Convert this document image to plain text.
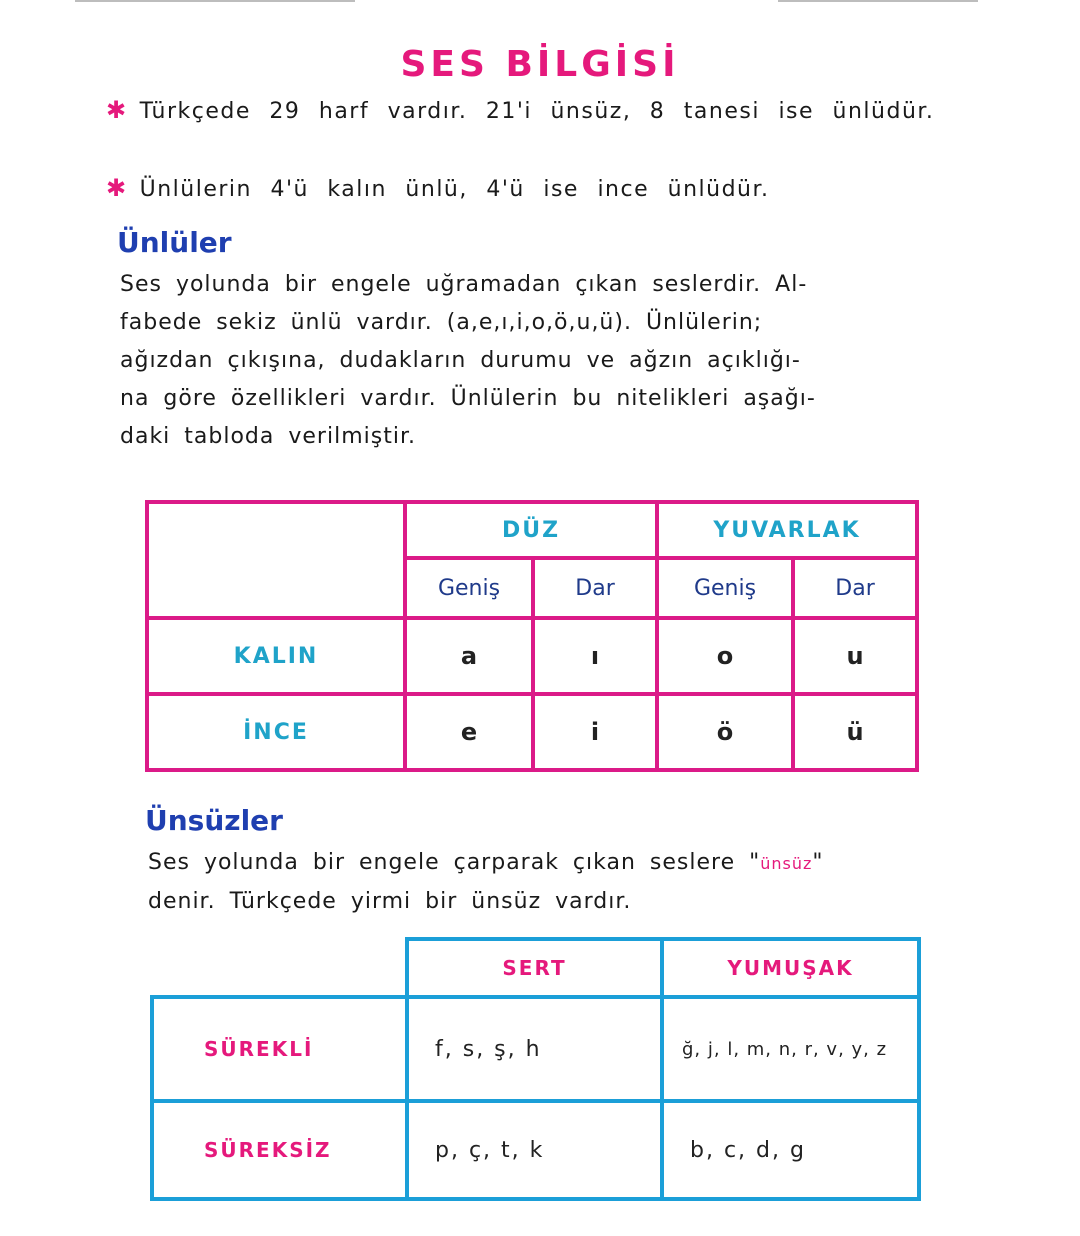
SES BİLGİSİ
✱ Türkçede 29 harf vardır. 21'i ünsüz, 8 tanesi ise ünlüdür.
✱ Ünlülerin 4'ü kalın ünlü, 4'ü ise ince ünlüdür.
Ünlüler

Ses yolunda bir engele uğramadan çıkan seslerdir. Al-

fabede sekiz ünlü vardır. (a,e,ı,i,o,ö,u,ü). Ünlülerin;

ağızdan çıkışına, dudakların durumu ve ağzın açıklığı-

na göre özellikleri vardır. Ünlülerin bu nitelikleri aşağı-

daki tabloda verilmiştir.

	DÜZ		YUVARLAK	
	Geniş	Dar	Geniş	Dar
KALIN	a	ı	o	u
İNCE	e	i	ö	ü
Ünsüzler

Ses yolunda bir engele çarparak çıkan seslere "ünsüz"

denir. Türkçede yirmi bir ünsüz vardır.

	SERT	YUMUŞAK
SÜREKLİ	f, s, ş, h	ğ, j, l, m, n, r, v, y, z
SÜREKSİZ	p, ç, t, k	b, c, d, g
